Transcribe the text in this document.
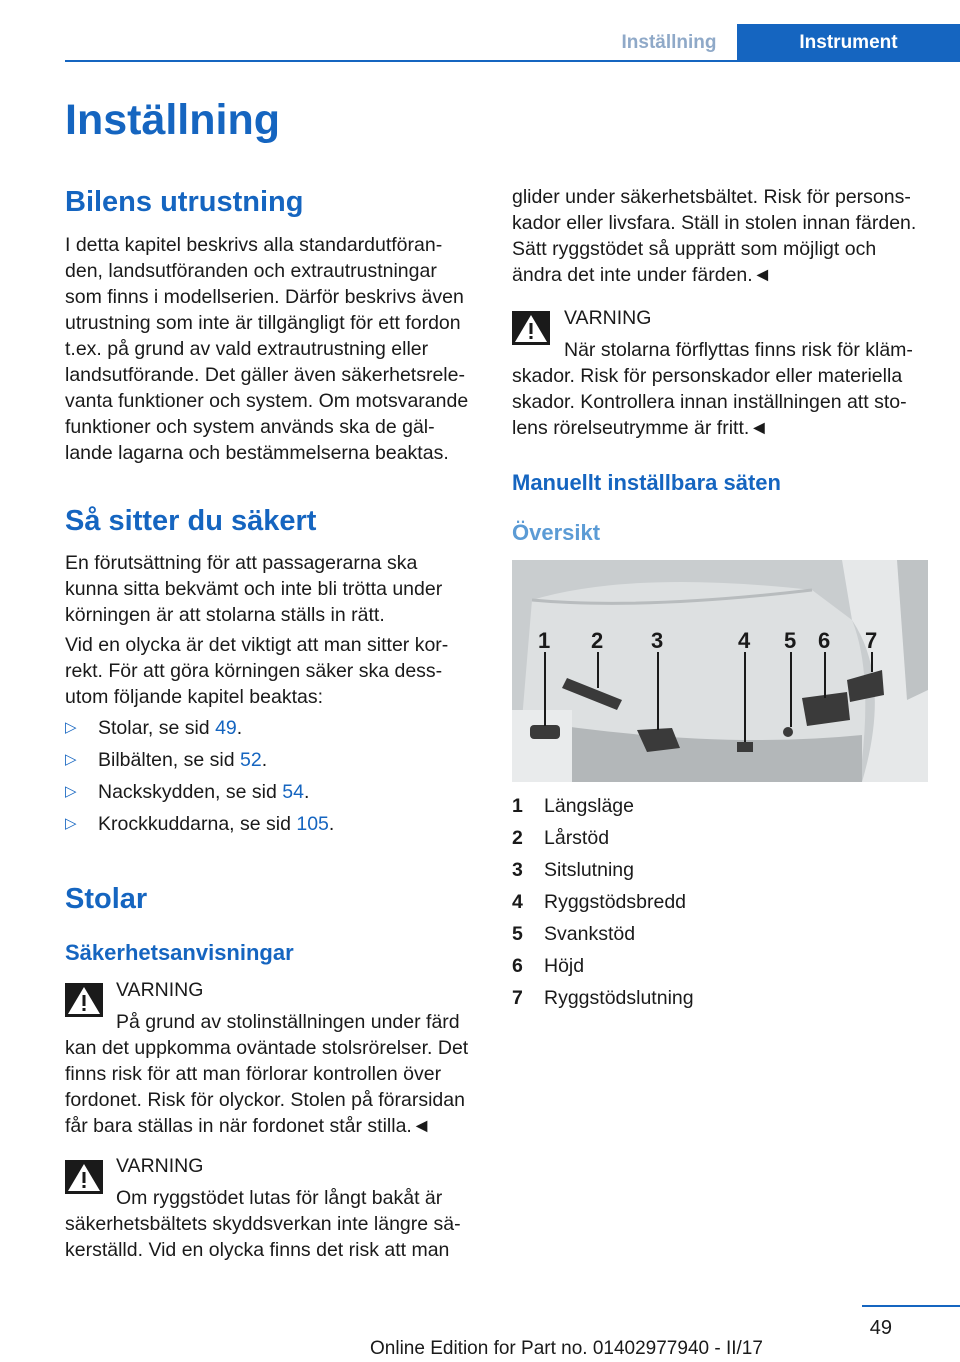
Inställning	Instrument
Inställning
Bilens utrustning

I detta kapitel beskrivs alla standardutföran-

den, landsutföranden och extrautrustningar

som finns i modellserien. Därför beskrivs även

utrustning som inte är tillgängligt för ett fordon

t.ex. på grund av vald extrautrustning eller

landsutförande. Det gäller även säkerhetsrele-

vanta funktioner och system. Om motsvarande

funktioner och system används ska de gäl-

lande lagarna och bestämmelserna beaktas.

Så sitter du säkert

En förutsättning för att passagerarna ska

kunna sitta bekvämt och inte bli trötta under

körningen är att stolarna ställs in rätt.

Vid en olycka är det viktigt att man sitter kor-

rekt. För att göra körningen säker ska dess-

utom följande kapitel beaktas:

▷	Stolar, se sid 49.
▷	Bilbälten, se sid 52.
▷	Nackskydden, se sid 54.
▷	Krockkuddarna, se sid 105.
Stolar
Säkerhetsanvisningar
VARNING
På grund av stolinställningen under färd

kan det uppkomma oväntade stolsrörelser. Det

finns risk för att man förlorar kontrollen över

fordonet. Risk för olyckor. Stolen på förarsidan

får bara ställas in när fordonet står stilla.◄

VARNING
Om ryggstödet lutas för långt bakåt är

säkerhetsbältets skyddsverkan inte längre sä-

kerställd. Vid en olycka finns det risk att man

glider under säkerhetsbältet. Risk för persons-

kador eller livsfara. Ställ in stolen innan färden.

Sätt ryggstödet så upprätt som möjligt och

ändra det inte under färden.◄

VARNING
När stolarna förflyttas finns risk för kläm-

skador. Risk för personskador eller materiella

skador. Kontrollera innan inställningen att sto-

lens rörelseutrymme är fritt.◄

Manuellt inställbara säten
Översikt
1 2 3	4 5 6 7
1	Längsläge
2	Lårstöd
3	Sitslutning
4	Ryggstödsbredd
5	Svankstöd
6	Höjd
7	Ryggstödslutning
49
Online Edition for Part no. 01402977940 - II/17
